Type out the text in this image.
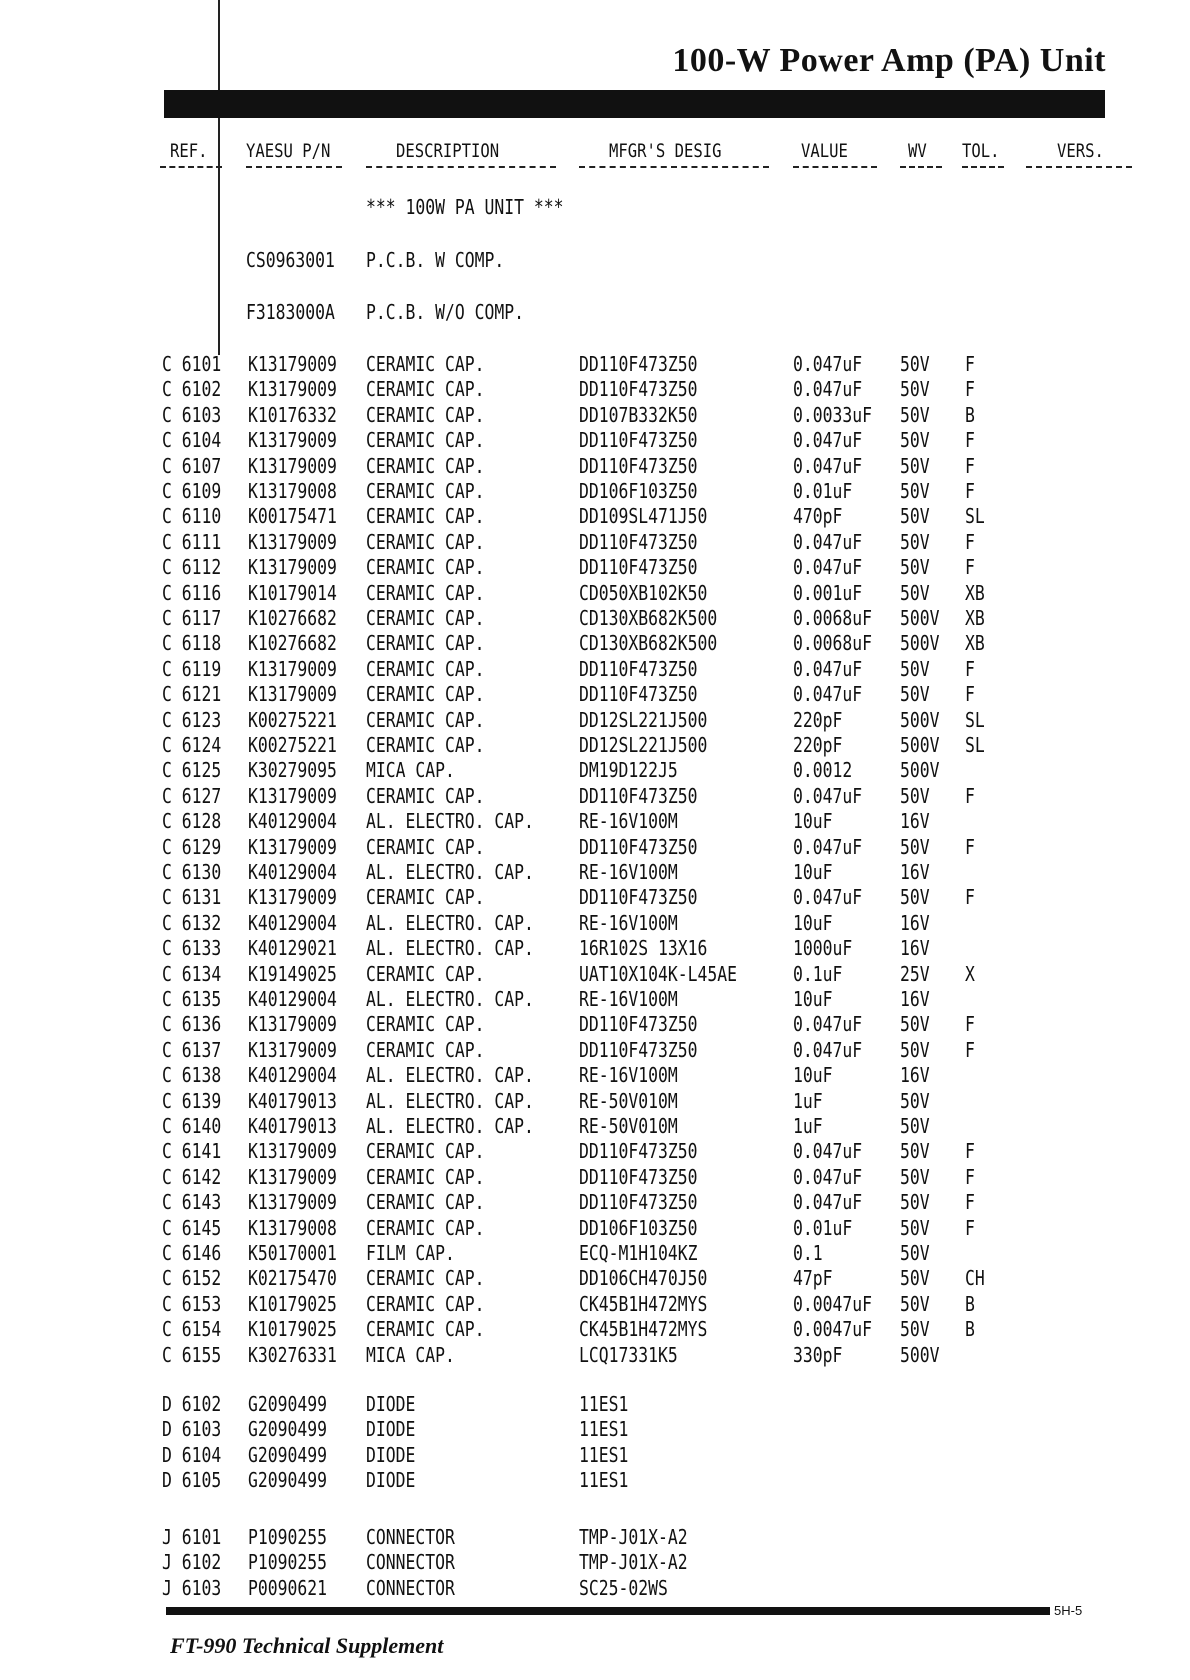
100-W Power Amp (PA) Unit
REF. YAESU P/N	DESCRIPTION	MFGR'S DESIG	VALUE	WV TOL.	VERS.
*** 100W PA UNIT ***
CS0963001 P.C.B. W COMP.
F3183000A P.C.B. W/O COMP.
C 6101 K13179009 CERAMIC CAP.	DD110F473Z50	0.047uF 50V F
C 6102 K13179009 CERAMIC CAP.	DD110F473Z50	0.047uF 50V F
C 6103 K10176332 CERAMIC CAP.	DD107B332K50	0.0033uF 50V B
C 6104 K13179009 CERAMIC CAP.	DD110F473Z50	0.047uF 50V F
C 6107 K13179009 CERAMIC CAP.	DD110F473Z50	0.047uF 50V F
C 6109 K13179008 CERAMIC CAP.	DD106F103Z50	0.01uF 50V F
C 6110 K00175471 CERAMIC CAP.	DD109SL471J50	470pF	50V SL
C 6111 K13179009 CERAMIC CAP.	DD110F473Z50	0.047uF 50V F
C 6112 K13179009 CERAMIC CAP.	DD110F473Z50	0.047uF 50V F
C 6116 K10179014 CERAMIC CAP.	CD050XB102K50	0.001uF 50V XB
C 6117 K10276682 CERAMIC CAP.	CD130XB682K500	0.0068uF 500V XB
C 6118 K10276682 CERAMIC CAP.	CD130XB682K500	0.0068uF 500V XB
C 6119 K13179009 CERAMIC CAP.	DD110F473Z50	0.047uF 50V F
C 6121 K13179009 CERAMIC CAP.	DD110F473Z50	0.047uF 50V F
C 6123 K00275221 CERAMIC CAP.	DD12SL221J500	220pF	500V SL
C 6124 K00275221 CERAMIC CAP.	DD12SL221J500	220pF	500V SL
C 6125 K30279095 MICA CAP.	DM19D122J5	0.0012 500V
C 6127 K13179009 CERAMIC CAP.	DD110F473Z50	0.047uF 50V F
C 6128 K40129004 AL. ELECTRO. CAP. RE-16V100M	10uF	16V
C 6129 K13179009 CERAMIC CAP.	DD110F473Z50	0.047uF 50V F
C 6130 K40129004 AL. ELECTRO. CAP. RE-16V100M	10uF	16V
C 6131 K13179009 CERAMIC CAP.	DD110F473Z50	0.047uF 50V F
C 6132 K40129004 AL. ELECTRO. CAP. RE-16V100M	10uF	16V
C 6133 K40129021 AL. ELECTRO. CAP. 16R102S 13X16	1000uF 16V
C 6134 K19149025 CERAMIC CAP.	UAT10X104K-L45AE	0.1uF	25V X
C 6135 K40129004 AL. ELECTRO. CAP. RE-16V100M	10uF	16V
C 6136 K13179009 CERAMIC CAP.	DD110F473Z50	0.047uF 50V F
C 6137 K13179009 CERAMIC CAP.	DD110F473Z50	0.047uF 50V F
C 6138 K40129004 AL. ELECTRO. CAP. RE-16V100M	10uF	16V
C 6139 K40179013 AL. ELECTRO. CAP. RE-50V010M	1uF	50V
C 6140 K40179013 AL. ELECTRO. CAP. RE-50V010M	1uF	50V
C 6141 K13179009 CERAMIC CAP.	DD110F473Z50	0.047uF 50V F
C 6142 K13179009 CERAMIC CAP.	DD110F473Z50	0.047uF 50V F
C 6143 K13179009 CERAMIC CAP.	DD110F473Z50	0.047uF 50V F
C 6145 K13179008 CERAMIC CAP.	DD106F103Z50	0.01uF 50V F
C 6146 K50170001 FILM CAP.	ECQ-M1H104KZ	0.1	50V
C 6152 K02175470 CERAMIC CAP.	DD106CH470J50	47pF	50V CH
C 6153 K10179025 CERAMIC CAP.	CK45B1H472MYS	0.0047uF 50V B
C 6154 K10179025 CERAMIC CAP.	CK45B1H472MYS	0.0047uF 50V B
C 6155 K30276331 MICA CAP.	LCQ17331K5	330pF	500V
D 6102 G2090499 DIODE	11ES1
D 6103 G2090499 DIODE	11ES1
D 6104 G2090499 DIODE	11ES1
D 6105 G2090499 DIODE	11ES1
J 6101 P1090255 CONNECTOR	TMP-J01X-A2
J 6102 P1090255 CONNECTOR	TMP-J01X-A2
J 6103 P0090621 CONNECTOR	SC25-02WS
5H-5
FT-990 Technical Supplement
